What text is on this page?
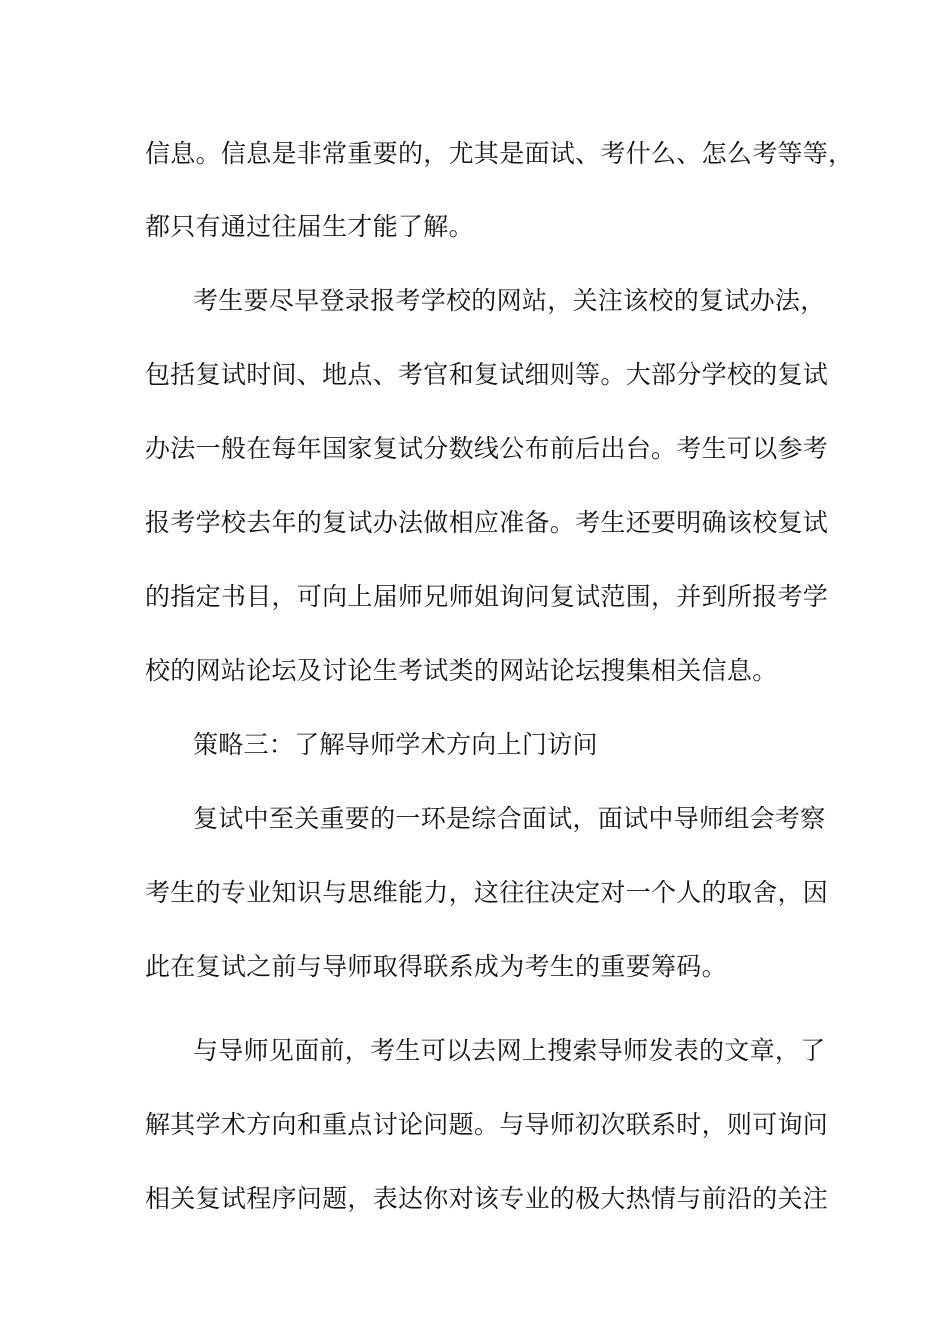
信息。信息是非常重要的，尤其是面试、考什么、怎么考等等，
都只有通过往届生才能了解。
考生要尽早登录报考学校的网站，关注该校的复试办法，
包括复试时间、地点、考官和复试细则等。大部分学校的复试
办法一般在每年国家复试分数线公布前后出台。考生可以参考
报考学校去年的复试办法做相应准备。考生还要明确该校复试
的指定书目，可向上届师兄师姐询问复试范围，并到所报考学
校的网站论坛及讨论生考试类的网站论坛搜集相关信息。
策略三：了解导师学术方向上门访问
复试中至关重要的一环是综合面试，面试中导师组会考察
考生的专业知识与思维能力，这往往决定对一个人的取舍，因
此在复试之前与导师取得联系成为考生的重要筹码。
与导师见面前，考生可以去网上搜索导师发表的文章，了
解其学术方向和重点讨论问题。与导师初次联系时，则可询问
相关复试程序问题，表达你对该专业的极大热情与前沿的关注
